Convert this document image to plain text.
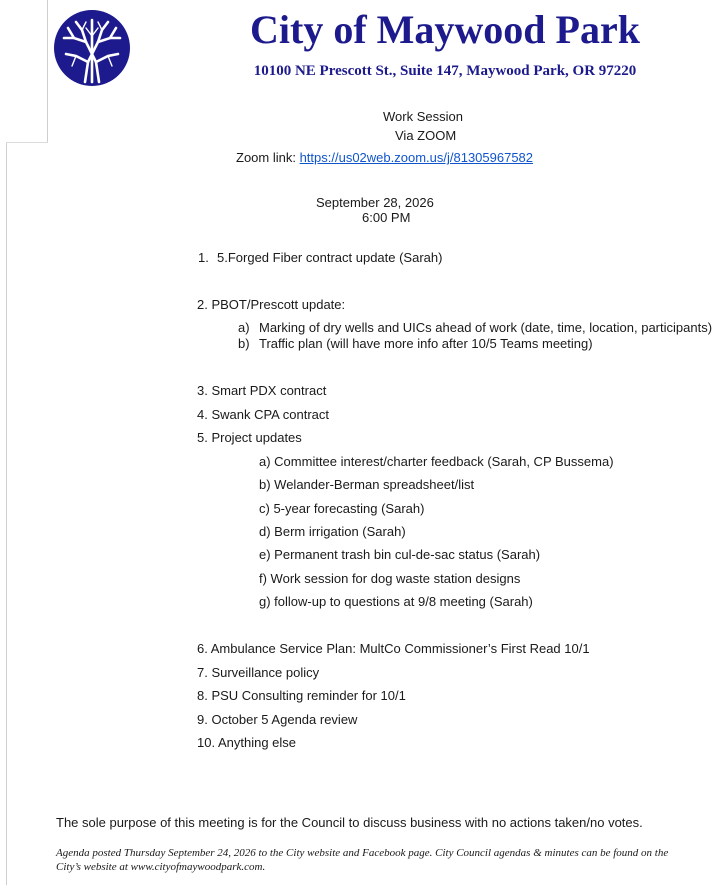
City of Maywood Park
10100 NE Prescott St., Suite 147, Maywood Park, OR 97220
Work Session
Via ZOOM
Zoom link: https://us02web.zoom.us/j/81305967582
September 28, 2026
6:00 PM
1. 5.Forged Fiber contract update (Sarah)
2. PBOT/Prescott update:
a) Marking of dry wells and UICs ahead of work (date, time, location, participants)
b) Traffic plan (will have more info after 10/5 Teams meeting)
3. Smart PDX contract
4. Swank CPA contract
5. Project updates
a) Committee interest/charter feedback (Sarah, CP Bussema)
b) Welander-Berman spreadsheet/list
c) 5-year forecasting (Sarah)
d) Berm irrigation (Sarah)
e) Permanent trash bin cul-de-sac status (Sarah)
f) Work session for dog waste station designs
g) follow-up to questions at 9/8 meeting (Sarah)
6. Ambulance Service Plan: MultCo Commissioner’s First Read 10/1
7. Surveillance policy
8. PSU Consulting reminder for 10/1
9. October 5 Agenda review
10. Anything else
The sole purpose of this meeting is for the Council to discuss business with no actions taken/no votes.
Agenda posted Thursday September 24, 2026 to the City website and Facebook page. City Council agendas & minutes can be found on the City’s website at www.cityofmaywoodpark.com.
